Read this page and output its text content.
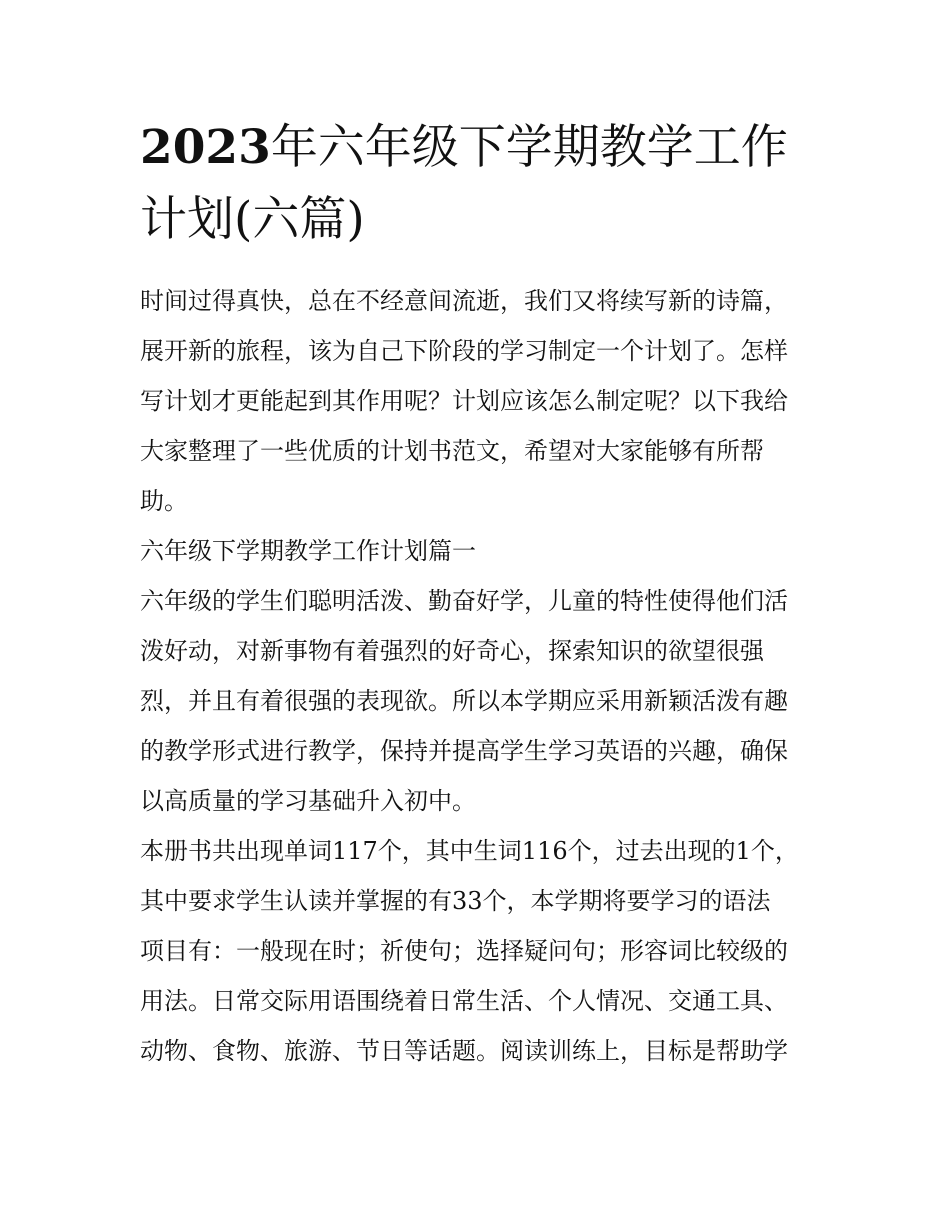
2023年六年级下学期教学工作
计划(六篇)

时间过得真快，总在不经意间流逝，我们又将续写新的诗篇，

展开新的旅程，该为自己下阶段的学习制定一个计划了。怎样

写计划才更能起到其作用呢？计划应该怎么制定呢？以下我给

大家整理了一些优质的计划书范文，希望对大家能够有所帮

助。

六年级下学期教学工作计划篇一

六年级的学生们聪明活泼、勤奋好学，儿童的特性使得他们活

泼好动，对新事物有着强烈的好奇心，探索知识的欲望很强

烈，并且有着很强的表现欲。所以本学期应采用新颖活泼有趣

的教学形式进行教学，保持并提高学生学习英语的兴趣，确保

以高质量的学习基础升入初中。

本册书共出现单词117个，其中生词116个，过去出现的1个，

其中要求学生认读并掌握的有33个，本学期将要学习的语法

项目有：一般现在时；祈使句；选择疑问句；形容词比较级的

用法。日常交际用语围绕着日常生活、个人情况、交通工具、

动物、食物、旅游、节日等话题。阅读训练上，目标是帮助学
